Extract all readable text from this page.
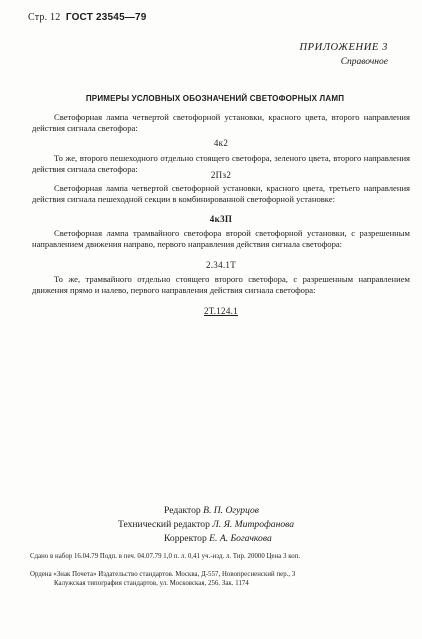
Стр. 12 ГОСТ 23545—79
ПРИЛОЖЕНИЕ 3
Справочное
ПРИМЕРЫ УСЛОВНЫХ ОБОЗНАЧЕНИЙ СВЕТОФОРНЫХ ЛАМП

Светофорная лампа четвертой светофорной установки, красного цвета, второго направления действия сигнала светофора:

4к2

То же, второго пешеходного отдельно стоящего светофора, зеленого цвета, второго направления действия сигнала светофора:

2Пз2

Светофорная лампа четвертой светофорной установки, красного цвета, третьего направления действия сигнала пешеходной секции в комбинированной светофорной установке:

4к3П

Светофорная лампа трамвайного светофора второй светофорной установки, с разрешенным направлением движения направо, первого направления действия сигнала светофора:

2.34.1Т

То же, трамвайного отдельно стоящего второго светофора, с разрешенным направлением движения прямо и налево, первого направления действия сигнала светофора:

2Т.124.1
Редактор В. П. Огурцов
Технический редактор Л. Я. Митрофанова
Корректор Е. А. Богачкова
Сдано в набор 16.04.79 Подп. в печ. 04.07.79 1,0 п. л. 0,41 уч.-изд. л. Тир. 20000 Цена 3 коп.
Ордена «Знак Почета» Издательство стандартов. Москва, Д-557, Новопресненский пер., 3
Калужская типография стандартов, ул. Московская, 256. Зак. 1174
